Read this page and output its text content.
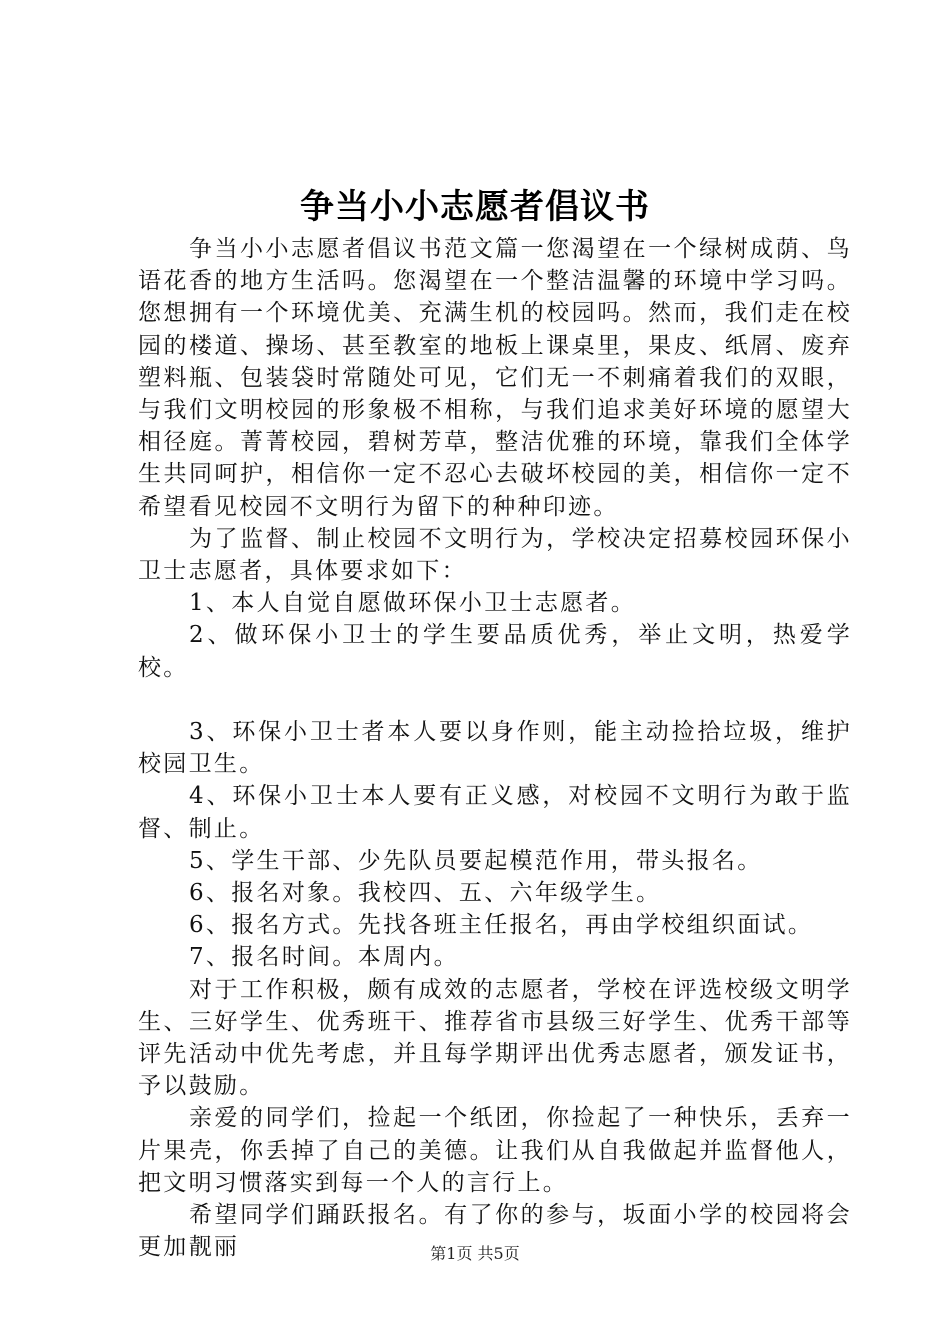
争当小小志愿者倡议书

争当小小志愿者倡议书范文篇一您渴望在一个绿树成荫、鸟语花香的地方生活吗。您渴望在一个整洁温馨的环境中学习吗。您想拥有一个环境优美、充满生机的校园吗。然而，我们走在校园的楼道、操场、甚至教室的地板上课桌里，果皮、纸屑、废弃塑料瓶、包装袋时常随处可见，它们无一不刺痛着我们的双眼，与我们文明校园的形象极不相称，与我们追求美好环境的愿望大相径庭。菁菁校园，碧树芳草，整洁优雅的环境，靠我们全体学生共同呵护，相信你一定不忍心去破坏校园的美，相信你一定不希望看见校园不文明行为留下的种种印迹。

为了监督、制止校园不文明行为，学校决定招募校园环保小卫士志愿者，具体要求如下：

1、本人自觉自愿做环保小卫士志愿者。

2、做环保小卫士的学生要品质优秀，举止文明，热爱学校。

3、环保小卫士者本人要以身作则，能主动捡拾垃圾，维护校园卫生。

4、环保小卫士本人要有正义感，对校园不文明行为敢于监督、制止。

5、学生干部、少先队员要起模范作用，带头报名。

6、报名对象。我校四、五、六年级学生。

6、报名方式。先找各班主任报名，再由学校组织面试。

7、报名时间。本周内。

对于工作积极，颇有成效的志愿者，学校在评选校级文明学生、三好学生、优秀班干、推荐省市县级三好学生、优秀干部等评先活动中优先考虑，并且每学期评出优秀志愿者，颁发证书，予以鼓励。

亲爱的同学们，捡起一个纸团，你捡起了一种快乐，丢弃一片果壳，你丢掉了自己的美德。让我们从自我做起并监督他人，把文明习惯落实到每一个人的言行上。

希望同学们踊跃报名。有了你的参与，坂面小学的校园将会更加靓丽	第1页 共5页
